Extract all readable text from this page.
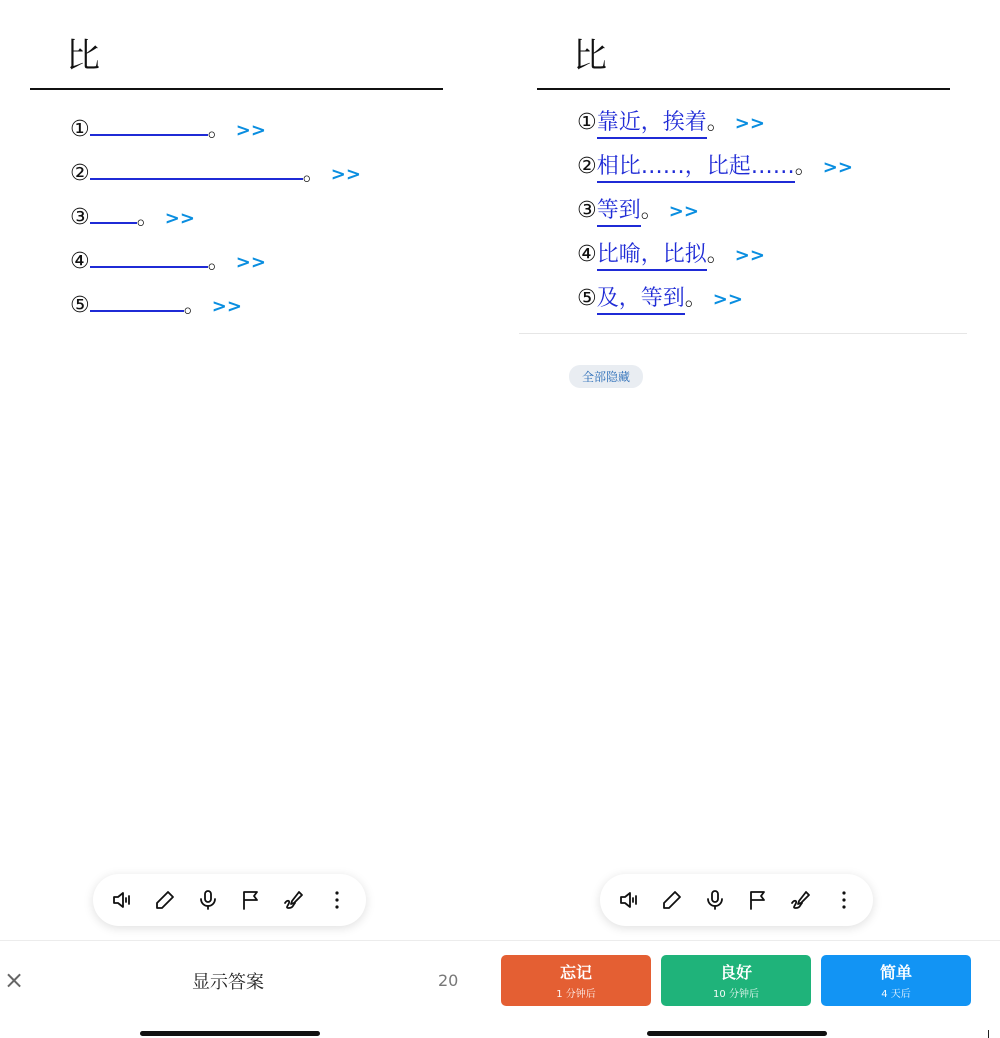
比
①	。 >>
②	。 >>
③ 。 >>
④	。 >>
⑤	。 >>
比
① 靠近，挨着 。 >>
② 相比……，比起…… 。 >>
③ 等到 。 >>
④ 比喻，比拟 。 >>
⑤ 及，等到 。 >>
全部隐藏
×	显示答案	20	忘记
1 分钟后
良好
10 分钟后
简单
4 天后
